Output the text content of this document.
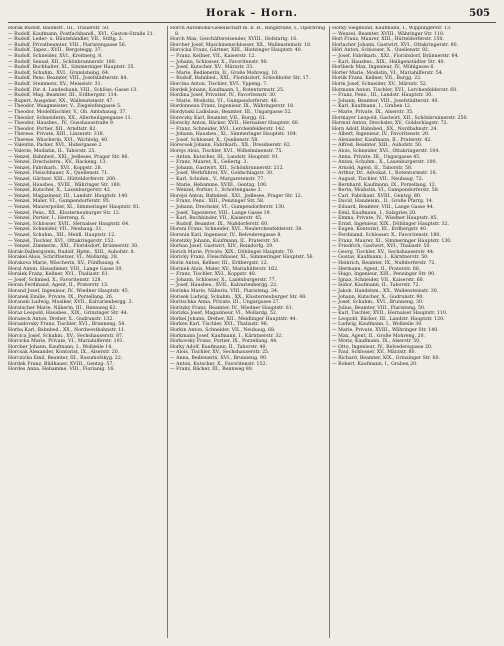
Horak – Horn.	505

Horak Rudolf, Baumstr., III., Trauerstr. 50.

— Rudolf, Kaufmann, Postfachhandl., XVI., Gaston-Straße 21.

— Rudolf, Leder- u. Häutehändler, VII., Stiftg. 2.

— Rudolf, Privatbeamter, VIII., Piaristengasse 56.

— Rudolf, Tapez., XVII., Bergsteigg. 37.

— Rudolf, Schneider, XVI., Kreitnerg. 8.

— Rudolf, Sensal, XII., Schönbrunnerstr. 180.

— Rudolf, Buchhalter, XI., Simmeringer Hauptstr. 35.

— Rudolf, Schuhm., XVI., Grundsteing. 64.

— Rudolf, Pens. Beamter, VIII., Josefstädterstr. 84.

— Rudolf, Steinmetz, XV., Meiselstr. 31.

— Rudolf, Dir. d. Landesbank, VIII., Schlöss.-Gasse 13.

— Rudolf, Mag. Beamter, III., Erdbergstr. 114.

— Rupert, Ausgeher, XX., Wallensteinstr. 47.

— Theodor, Waagmeister, V., Ziegelofengasse 5.

— Theodor, Modelltischler, V., Ob. Amtshausg. 37.

— Theodor, Schneiderin, XX., Allerheiligengasse 11.

— Theodor, Hausbes., IV., Gusshausstraße 9.

— Theodor, Portier, XII., Arndtstr. 82.

— Therese, Private, XIII., Linzerstr. 318.

— Therese, Wäscherin, XVI., Wichtelg. 40.

— Valentin, Packer, XVI., Hubergasse 2.

— Valerie, Modistin, II., Taborstr. 25.

— Venzel, Bahnbed., XXI., Jedlesee, Prager Str. 86.

— Venzel, Drechslerm., XV., Hackeng. 13.

— Venzel, Fabrikarb., XVI., Koppstr. 28.

— Venzel, Fleischhauer, X., Quellenstr. 71.

— Venzel, Gärtner, XIII., Hütteldorferstr. 200.

— Venzel, Hausbes., XVIII., Währinger Str. 180.

— Venzel, Kutscher, X., Laxenburgerstr. 42.

— Venzel, Magazineur, III., Landstr. Hauptstr. 140.

— Venzel, Maler, VI., Gumpendorferstr. 95.

— Venzel, Maurerpolier, XI., Simmeringer Hauptstr. 81.

— Venzel, Pens., XX., Klosterneuburger Str. 12.

— Venzel, Portier, I., Herreng. 6.

— Venzel, Schlosser, XVII., Hernalser Hauptstr. 64.

— Venzel, Schneider, VII., Neubaug. 31.

— Venzel, Schuhm., XII., Meidl. Hauptstr. 12.

— Venzel, Tischler, XVI., Ottakringerstr. 152.

— Venzel, Zimmerm., XXI., Floridsdorf, Brünnerstr. 30.

Horak-Dalbergstein, Rudolf, Hptm., XIII., Auhofstr. 8.

Horakel Alois, Schriftsetzer, VI., Mollardg. 28.

Horakova Marie, Wäscherin, XV., Fünfhausg. 4.

Horal Anton, Hausdiener, VIII., Lange Gasse 30.

Horalek Franz, Kellner, XVI., Thaliastr. 61.

— Josef, Schmied, X., Favoritenstr. 128.

Horan Ferdinand, Agent, II., Praterstr. 13.

Horand Josef, Ingenieur, IV., Wiedner Hauptstr. 45.

Horanek Emilie, Private, IX., Porzellang. 26.

Horanski Ludwig, Musiker, XVII., Kalvarienbergg. 3.

Horatscher Marie, Näherin, III., Rennweg 62.

Horaz Leopold, Hausbes., XIX., Grinzinger Str. 44.

Horazeck Anton, Dreher, X., Gudrunstr. 132.

Horazdovsky Franz, Tischler, XVI., Brunneng. 54.

Horba Karl, Bahnbed., XX., Nordwestbahnstr. 11.

Horcica Josef, Schuhm., XV., Sechshauserstr. 87.

Horcicka Marie, Private, VI., Mariahilferstr. 101.

Horcher Johann, Kaufmann, I., Wollzeile 14.

Horcsak Alexander, Kontorist, IX., Alserstr. 20.

Horczicka Emil, Beamter, III., Rasumofskyg. 22.

Hordek Franz, Bildhauer, XVIII., Gentzg. 57.

Hordes Anna, Hebamme, VIII., Florianig. 16.

Horch Automobil-Gesellschaft m. b. H., Ringstraße, I., Opernring 8.

Horch Max, Geschäftsreisender, XVIII., Hofstattg. 16.

Horcher Josef, Maschinenschlosser, XX., Wallensteinstr. 18.

Horcicka Franz, Gärtner, XIII., Hietzinger Hauptstr. 40.

— Franz, Kellner, VII., Kaiserstr. 12.

— Johann, Schlosser, X., Favoritenstr. 90.

— Josef, Kutscher, XV., Märzstr. 33.

— Marie, Bedienerin, II., Große Mohreng. 10.

— Rudolf, Bahnbed., XXI., Floridsdorf, Schloßhofer Str. 17.

Horcina Anton, Tischler, XVI., Yppeng. 7.

Hordek Johann, Kaufmann, I., Rotenturmstr. 25.

Hordina Josef, Privatier, IV., Favoritenstr. 30.

— Marie, Modistin, VI., Gumpendorferstr. 46.

Hordonneau Franz, Ingenieur, IX., Währingerstr. 18.

Hordynski Ladislaus, Beamter, III., Ungargasse 52.

Horeczky Karl, Beamter, VII., Burgg. 61.

Horecky Anton, Bäcker, XVII., Hernalser Hauptstr. 60.

— Franz, Schneider, XVI., Lerchenfelderstr. 142.

— Johann, Hausbes., XI., Simmeringer Hauptstr. 104.

— Josef, Schlosser, X., Quellenstr. 58.

Horecsek Johann, Fabrikarb., XX., Dresdnerstr. 62.

Horejs Alois, Tischler, XVI., Wilhelminenstr. 75.

— Anton, Kutscher, III., Landstr. Hauptstr. 91.

— Franz, Maurer, X., Gellertg. 3.

— Johann, Gastwirt, XII., Schönbrunnerstr. 212.

— Josef, Werkführer, XV., Goldschlagstr. 30.

— Karl, Schuhm., V., Margaretenstr. 77.

— Marie, Hebamme, XVIII., Gentzg. 100.

— Wenzel, Portier, I., Schottengasse 3.

Horejsi Anton, Bahnbed., XXI., Jedlesee, Prager Str. 12.

— Franz, Pens., XIII., Penzinger Str. 58.

— Johann, Drechsler, VI., Gumpendorferstr. 130.

— Josef, Tapezierer, VIII., Lange Gasse 19.

— Karl, Buchbinder, VII., Kaiserstr. 45.

— Rudolf, Beamter, IX., Nußdorferstr. 60.

Horeni Franz, Schneider, XVI., Neulerchenfelderstr. 38.

Horenin Karl, Ingenieur, IV., Belvederegasse 8.

Horetzky Johann, Kaufmann, II., Praterstr. 50.

Horhan Josef, Gastwirt, XIV., Reindorfg. 29.

Horich Marie, Private, XIX., Döblinger Hauptstr. 70.

Horicky Franz, Fleischhauer, XI., Simmeringer Hauptstr. 56.

Horin Anton, Kellner, III., Erdbergstr. 12.

Horinek Alois, Maler, XV., Mariahilferstr. 162.

— Franz, Tischler, XVI., Koppstr. 40.

— Johann, Schlosser, X., Laxenburgerstr. 77.

— Josef, Hausbes., XVII., Kalvarienbergg. 22.

Horinka Marie, Näherin, VIII., Piaristeng. 34.

Horisek Ludwig, Schuhm., XX., Klosterneuburger Str. 48.

Horitschka Anna, Private, III., Ungargasse 27.

Horitzky Franz, Beamter, IV., Wiedner Hauptstr. 61.

Horizka Josef, Magazineur, VI., Mollardg. 52.

Horkel Johann, Dreher, XII., Meidlinger Hauptstr. 44.

Horken Karl, Tischler, XVI., Thaliastr. 96.

Horkin Anton, Schneider, VII., Neubaug. 68.

Horkmann Josef, Kaufmann, I., Kärntnerstr. 32.

Horkovsky Franz, Portier, IX., Porzellang. 44.

Horky Adolf, Kaufmann, II., Taborstr. 40.

— Alois, Tischler, XV., Sechshauserstr. 25.

— Anna, Bedienerin, XVI., Brunneng. 90.

— Anton, Kutscher, X., Favoritenstr. 152.

— Franz, Bäcker, III., Rennweg 80.

Horky Siegmund, Kaufmann, I., Wipplingerstr. 13.

— Wenzel, Beamter, XVIII., Währinger Str. 110.

Horl Franz, Maurer, XIII., Hütteldorferstr. 150.

Horlacher Johann, Gastwirt, XVI., Ottakringerstr. 80.

Hörl Anton, Schlosser, X., Quellenstr. 92.

— Josef, Fabrikarb., XXI., Floridsdorf, Brünnerstr. 64.

— Karl, Hausbes., XIX., Heiligenstädter Str. 40.

Horlbeck Max, Ingenieur, IV., Mühlgasse 6.

Horler Marie, Modistin, VI., Mariahilferstr. 54.

Horlik Franz, Kellner, VII., Burgg. 22.

Horm Josef, Schneider, XV., Märzstr. 52.

Hormann Anton, Tischler, XVI., Lerchenfelderstr. 60.

— Franz, Pens., III., Landstr. Hauptstr. 30.

— Johann, Beamter, VIII., Josefstädterstr. 40.

— Karl, Kaufmann, I., Graben 12.

— Marie, Private, IX., Alserstr. 35.

Hormayer Leopold, Gastwirt, XII., Schönbrunnerstr. 250.

Hormut Anton, Drechsler, XV., Goldschlagstr. 72.

Horn Adolf, Bahnbed., XX., Nordbahnstr. 24.

— Albert, Ingenieur, IV., Favoritenstr. 20.

— Alexander, Kaufmann, II., Praterstr. 42.

— Alfred, Beamter, XIII., Auhofstr. 50.

— Alois, Schneider, XVI., Ottakringerstr. 104.

— Anna, Private, III., Ungargasse 45.

— Anton, Schuhm., X., Laxenburgerstr. 100.

— Arnold, Agent, II., Taborstr. 58.

— Arthur, Dr., Advokat, I., Rotenturmstr. 16.

— August, Tischler, VII., Neubaug. 72.

— Bernhard, Kaufmann, IX., Porzellang. 12.

— Berta, Modistin, VI., Gumpendorferstr. 58.

— Carl, Fabrikant, XVIII., Gentzg. 80.

— David, Handelsm., II., Große Pfarrg. 14.

— Eduard, Beamter, VIII., Lange Gasse 44.

— Emil, Kaufmann, I., Salzgries 20.

— Emma, Private, IV., Wiedner Hauptstr. 85.

— Ernst, Ingenieur, XIX., Döblinger Hauptstr. 32.

— Eugen, Kontorist, III., Erdbergstr. 40.

— Ferdinand, Schlosser, X., Favoritenstr. 180.

— Franz, Maurer, XI., Simmeringer Hauptstr. 130.

— Friedrich, Gastwirt, XVI., Thaliastr. 50.

— Georg, Tischler, XV., Sechshauserstr. 44.

— Gustav, Kaufmann, I., Kärntnerstr. 50.

— Heinrich, Beamter, IX., Nußdorferstr. 72.

— Hermann, Agent, II., Praterstr. 66.

— Hugo, Ingenieur, XIII., Penzinger Str. 90.

— Ignaz, Schneider, VII., Kaiserstr. 60.

— Isidor, Kaufmann, II., Taborstr. 72.

— Jakob, Handelsm., XX., Wallensteinstr. 30.

— Johann, Kutscher, X., Gudrunstr. 90.

— Josef, Schuhm., XVI., Brunneng. 30.

— Julius, Beamter, VIII., Piaristeng. 50.

— Karl, Tischler, XVII., Hernalser Hauptstr. 110.

— Leopold, Bäcker, III., Landstr. Hauptstr. 120.

— Ludwig, Kaufmann, I., Wollzeile 30.

— Marie, Private, XVIII., Währinger Str. 140.

— Max, Agent, II., Große Mohreng. 20.

— Moriz, Kaufmann, IX., Alserstr. 50.

— Otto, Ingenieur, IV., Belvederegasse 20.

— Paul, Schlosser, XV., Märzstr. 80.

— Richard, Beamter, XIX., Grinzinger Str. 60.

— Robert, Kaufmann, I., Graben 20.
